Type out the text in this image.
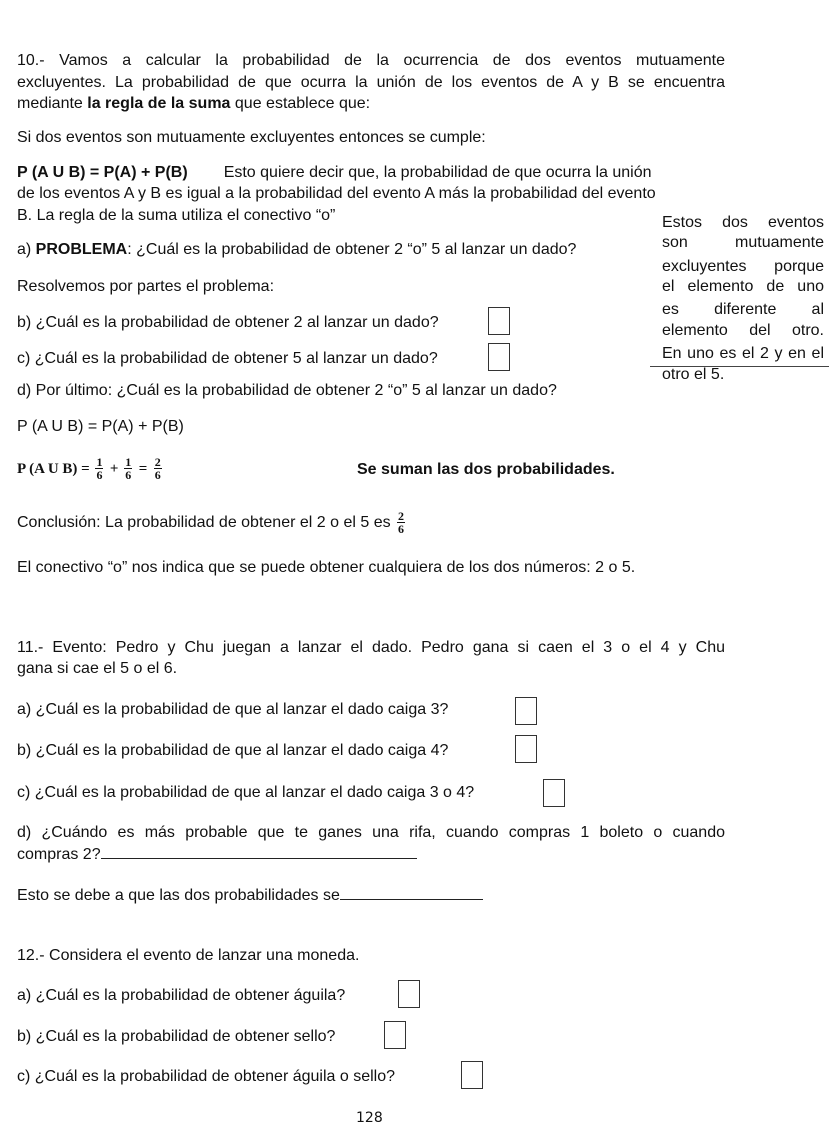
10.- Vamos a calcular la probabilidad de la ocurrencia de dos eventos mutuamente
excluyentes. La probabilidad de que ocurra la unión de los eventos de A y B se encuentra
mediante la regla de la suma que establece que:
Si dos eventos son mutuamente excluyentes entonces se cumple:
P (A U B) = P(A) + P(B) Esto quiere decir que, la probabilidad de que ocurra la unión
de los eventos A y B es igual a la probabilidad del evento A más la probabilidad del evento
B. La regla de la suma utiliza el conectivo “o”
a) PROBLEMA: ¿Cuál es la probabilidad de obtener 2 “o” 5 al lanzar un dado?
Resolvemos por partes el problema:
b) ¿Cuál es la probabilidad de obtener 2 al lanzar un dado?
c) ¿Cuál es la probabilidad de obtener 5 al lanzar un dado?
d) Por último: ¿Cuál es la probabilidad de obtener 2 “o” 5 al lanzar un dado?
P (A U B) = P(A) + P(B)
P (A U $B) = \frac{1}{6} + \frac{1}{6} = \frac{2}{6}$	Se suman las dos probabilidades.
Conclusión: La probabilidad de obtener el 2 o el 5 es $\frac{2}{6}$
El conectivo “o” nos indica que se puede obtener cualquiera de los dos números: 2 o 5.
Estos dos eventos
son mutuamente
excluyentes porque
el elemento de uno
es diferente al
elemento del otro.
En uno es el 2 y en el
otro el 5.
11.- Evento: Pedro y Chu juegan a lanzar el dado. Pedro gana si caen el 3 o el 4 y Chu
gana si cae el 5 o el 6.
a) ¿Cuál es la probabilidad de que al lanzar el dado caiga 3?
b) ¿Cuál es la probabilidad de que al lanzar el dado caiga 4?
c) ¿Cuál es la probabilidad de que al lanzar el dado caiga 3 o 4?
d) ¿Cuándo es más probable que te ganes una rifa, cuando compras 1 boleto o cuando
compras 2?
Esto se debe a que las dos probabilidades se
12.- Considera el evento de lanzar una moneda.
a) ¿Cuál es la probabilidad de obtener águila?
b) ¿Cuál es la probabilidad de obtener sello?
c) ¿Cuál es la probabilidad de obtener águila o sello?
128
